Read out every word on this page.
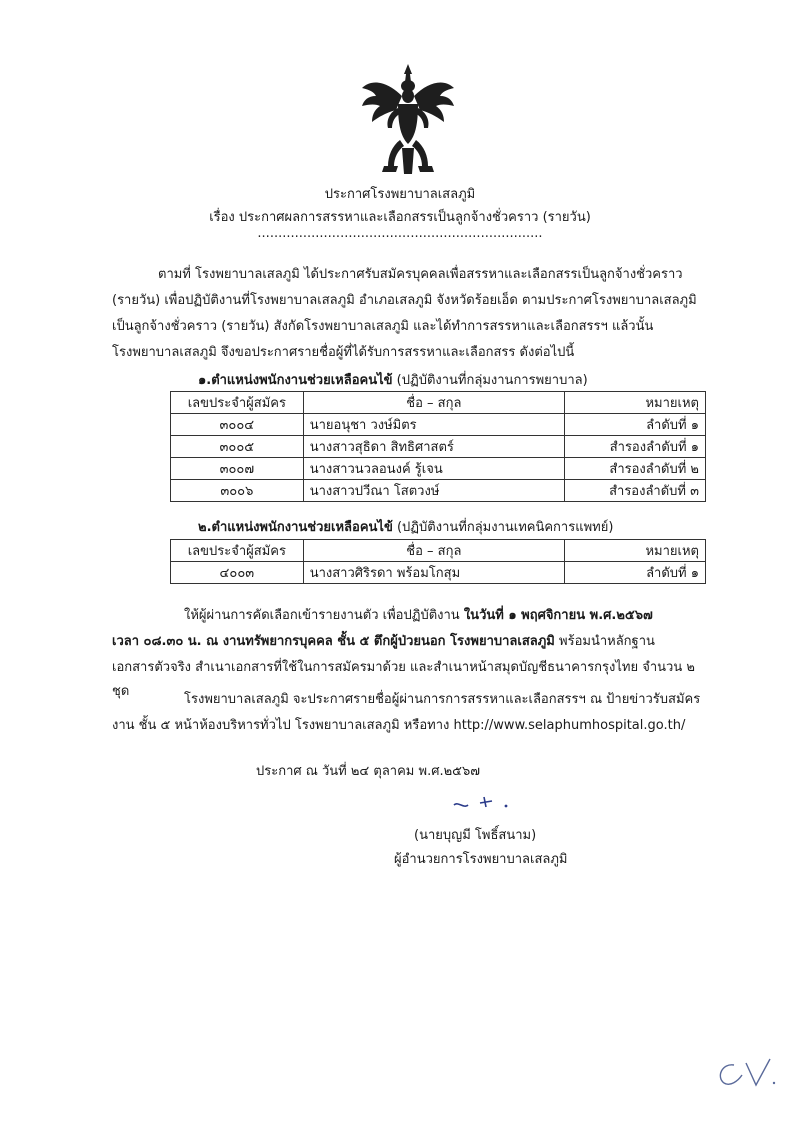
ประกาศโรงพยาบาลเสลภูมิ
เรื่อง ประกาศผลการสรรหาและเลือกสรรเป็นลูกจ้างชั่วคราว (รายวัน)
.....................................................................
ตามที่ โรงพยาบาลเสลภูมิ ได้ประกาศรับสมัครบุคคลเพื่อสรรหาและเลือกสรรเป็นลูกจ้างชั่วคราว
(รายวัน) เพื่อปฏิบัติงานที่โรงพยาบาลเสลภูมิ อำเภอเสลภูมิ จังหวัดร้อยเอ็ด ตามประกาศโรงพยาบาลเสลภูมิ
เป็นลูกจ้างชั่วคราว (รายวัน) สังกัดโรงพยาบาลเสลภูมิ และได้ทำการสรรหาและเลือกสรรฯ แล้วนั้น
โรงพยาบาลเสลภูมิ จึงขอประกาศรายชื่อผู้ที่ได้รับการสรรหาและเลือกสรร ดังต่อไปนี้
๑.ตำแหน่งพนักงานช่วยเหลือคนไข้ (ปฏิบัติงานที่กลุ่มงานการพยาบาล)
เลขประจำผู้สมัคร	ชื่อ – สกุล	หมายเหตุ
๓๐๐๔	นายอนุชา วงษ์มิตร	ลำดับที่ ๑
๓๐๐๕	นางสาวสุธิดา สิทธิศาสตร์	สำรองลำดับที่ ๑
๓๐๐๗	นางสาวนวลอนงค์ รู้เจน	สำรองลำดับที่ ๒
๓๐๐๖	นางสาวปวีณา โสตวงษ์	สำรองลำดับที่ ๓
๒.ตำแหน่งพนักงานช่วยเหลือคนไข้ (ปฏิบัติงานที่กลุ่มงานเทคนิคการแพทย์)
เลขประจำผู้สมัคร	ชื่อ – สกุล	หมายเหตุ
๔๐๐๓	นางสาวศิริรดา พร้อมโกสุม	ลำดับที่ ๑
ให้ผู้ผ่านการคัดเลือกเข้ารายงานตัว เพื่อปฏิบัติงาน ในวันที่ ๑ พฤศจิกายน พ.ศ.๒๕๖๗
เวลา ๐๘.๓๐ น. ณ งานทรัพยากรบุคคล ชั้น ๕ ตึกผู้ป่วยนอก โรงพยาบาลเสลภูมิ พร้อมนำหลักฐาน
เอกสารตัวจริง สำเนาเอกสารที่ใช้ในการสมัครมาด้วย และสำเนาหน้าสมุดบัญชีธนาคารกรุงไทย จำนวน ๒ ชุด
โรงพยาบาลเสลภูมิ จะประกาศรายชื่อผู้ผ่านการการสรรหาและเลือกสรรฯ ณ ป้ายข่าวรับสมัคร
งาน ชั้น ๕ หน้าห้องบริหารทั่วไป โรงพยาบาลเสลภูมิ หรือทาง http://www.selaphumhospital.go.th/
ประกาศ ณ วันที่ ๒๔ ตุลาคม พ.ศ.๒๕๖๗
(นายบุญมี โพธิ์สนาม)
ผู้อำนวยการโรงพยาบาลเสลภูมิ
